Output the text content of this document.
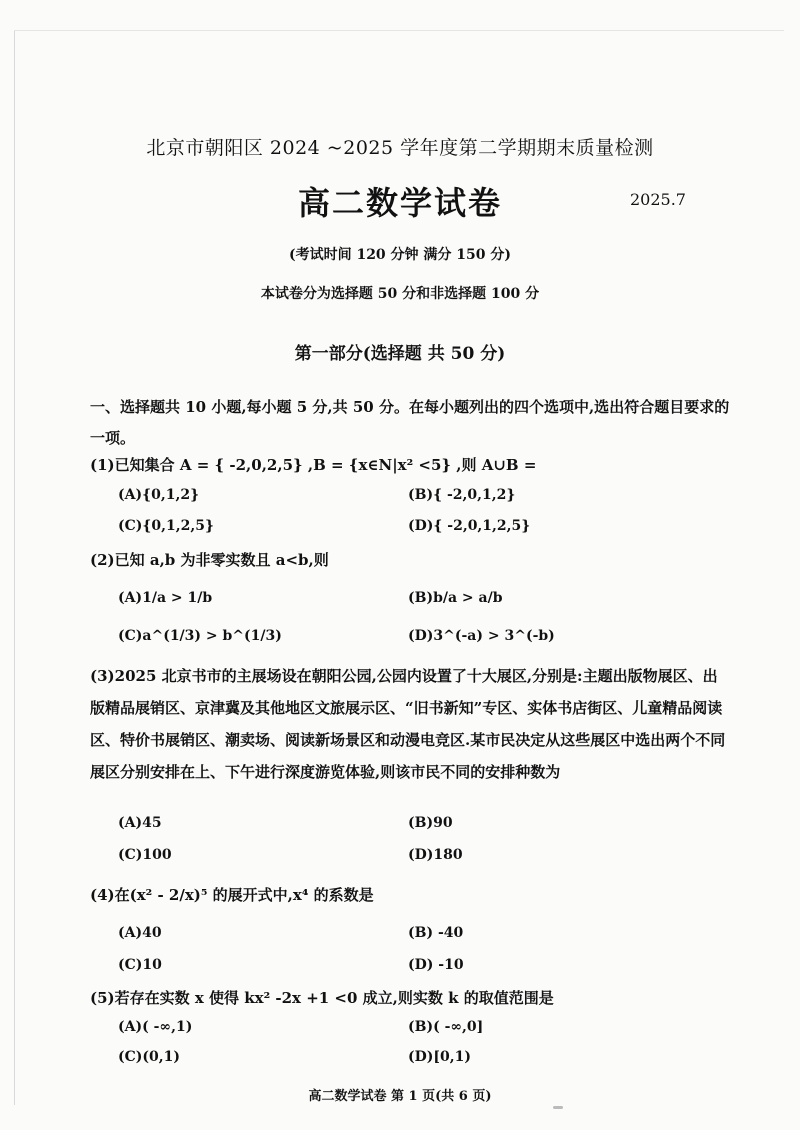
北京市朝阳区 2024 ~2025 学年度第二学期期末质量检测
高二数学试卷	2025.7
(考试时间 120 分钟 满分 150 分)
本试卷分为选择题 50 分和非选择题 100 分
第一部分(选择题 共 50 分)
一、选择题共 10 小题,每小题 5 分,共 50 分。在每小题列出的四个选项中,选出符合题目要求的一项。
(1)已知集合 A = { -2,0,2,5} ,B = {x∈N|x² <5} ,则 A∪B =
(A){0,1,2}	(B){ -2,0,1,2}
(C){0,1,2,5}	(D){ -2,0,1,2,5}
(2)已知 a,b 为非零实数且 a<b,则
(A)1/a > 1/b	(B)b/a > a/b
(C)a^(1/3) > b^(1/3)	(D)3^(-a) > 3^(-b)
(3)2025 北京书市的主展场设在朝阳公园,公园内设置了十大展区,分别是:主题出版物展区、出版精品展销区、京津冀及其他地区文旅展示区、“旧书新知”专区、实体书店街区、儿童精品阅读区、特价书展销区、潮卖场、阅读新场景区和动漫电竞区.某市民决定从这些展区中选出两个不同展区分别安排在上、下午进行深度游览体验,则该市民不同的安排种数为
(A)45	(B)90
(C)100	(D)180
(4)在(x² - 2/x)⁵ 的展开式中,x⁴ 的系数是
(A)40	(B) -40
(C)10	(D) -10
(5)若存在实数 x 使得 kx² -2x +1 <0 成立,则实数 k 的取值范围是
(A)( -∞,1)	(B)( -∞,0]
(C)(0,1)	(D)[0,1)
高二数学试卷 第 1 页(共 6 页)
